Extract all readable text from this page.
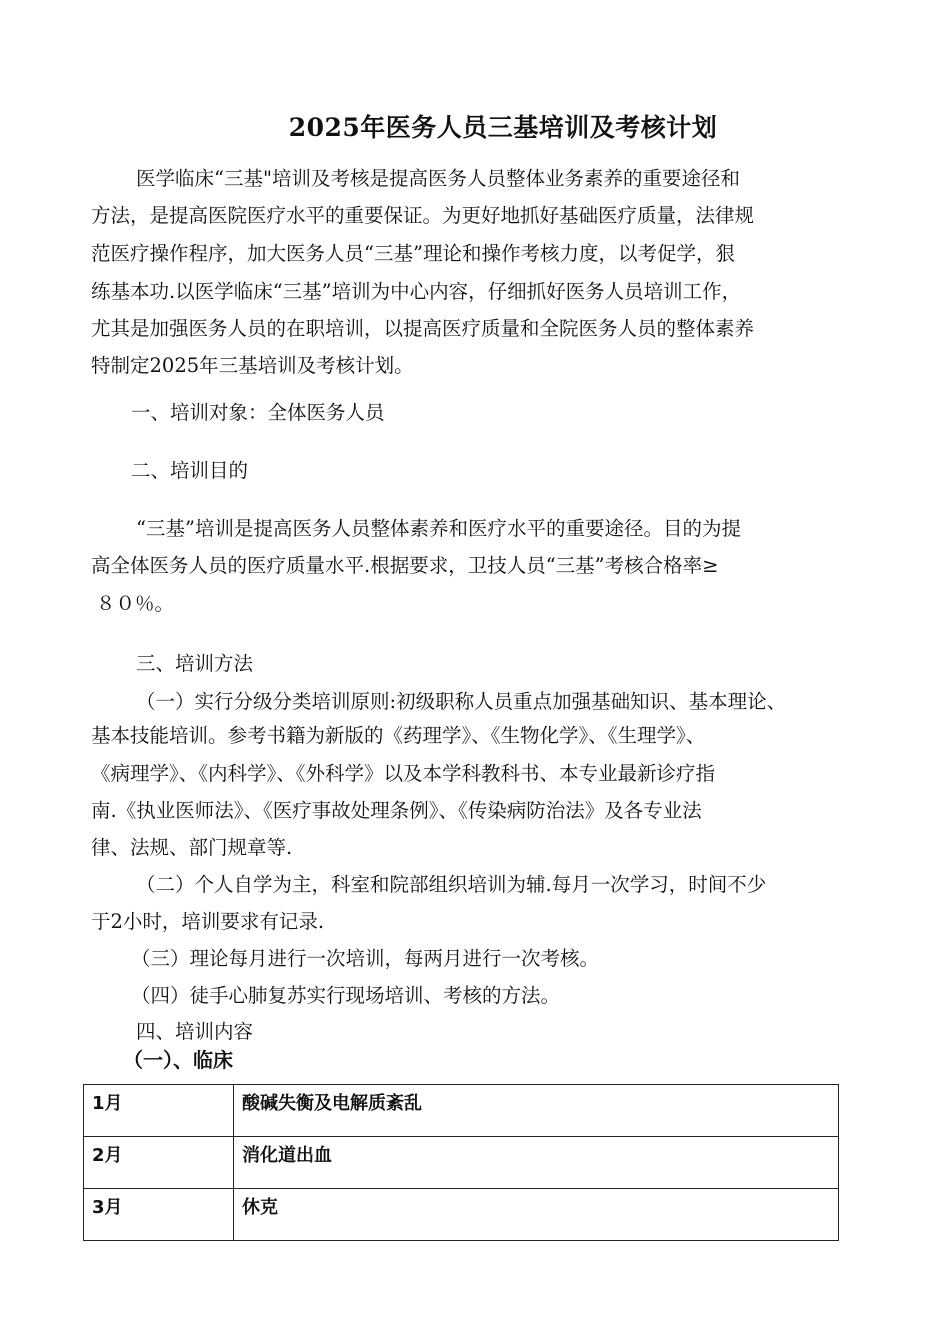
2025年医务人员三基培训及考核计划
医学临床“三基"培训及考核是提高医务人员整体业务素养的重要途径和
方法，是提高医院医疗水平的重要保证。为更好地抓好基础医疗质量，法律规
范医疗操作程序，加大医务人员“三基”理论和操作考核力度，以考促学，狠
练基本功.以医学临床“三基”培训为中心内容，仔细抓好医务人员培训工作，
尤其是加强医务人员的在职培训，以提高医疗质量和全院医务人员的整体素养
特制定2025年三基培训及考核计划。
一、培训对象：全体医务人员
二、培训目的
“三基”培训是提高医务人员整体素养和医疗水平的重要途径。目的为提
高全体医务人员的医疗质量水平.根据要求，卫技人员“三基”考核合格率≥
８０％。
三、培训方法
（一）实行分级分类培训原则:初级职称人员重点加强基础知识、基本理论、
基本技能培训。参考书籍为新版的《药理学》、《生物化学》、《生理学》、
《病理学》、《内科学》、《外科学》以及本学科教科书、本专业最新诊疗指
南.《执业医师法》、《医疗事故处理条例》、《传染病防治法》及各专业法
律、法规、部门规章等.
（二）个人自学为主，科室和院部组织培训为辅.每月一次学习，时间不少
于2小时，培训要求有记录.
（三）理论每月进行一次培训，每两月进行一次考核。
（四）徒手心肺复苏实行现场培训、考核的方法。
四、培训内容
（一）、临床
1月	酸碱失衡及电解质紊乱
2月	消化道出血
3月	休克
